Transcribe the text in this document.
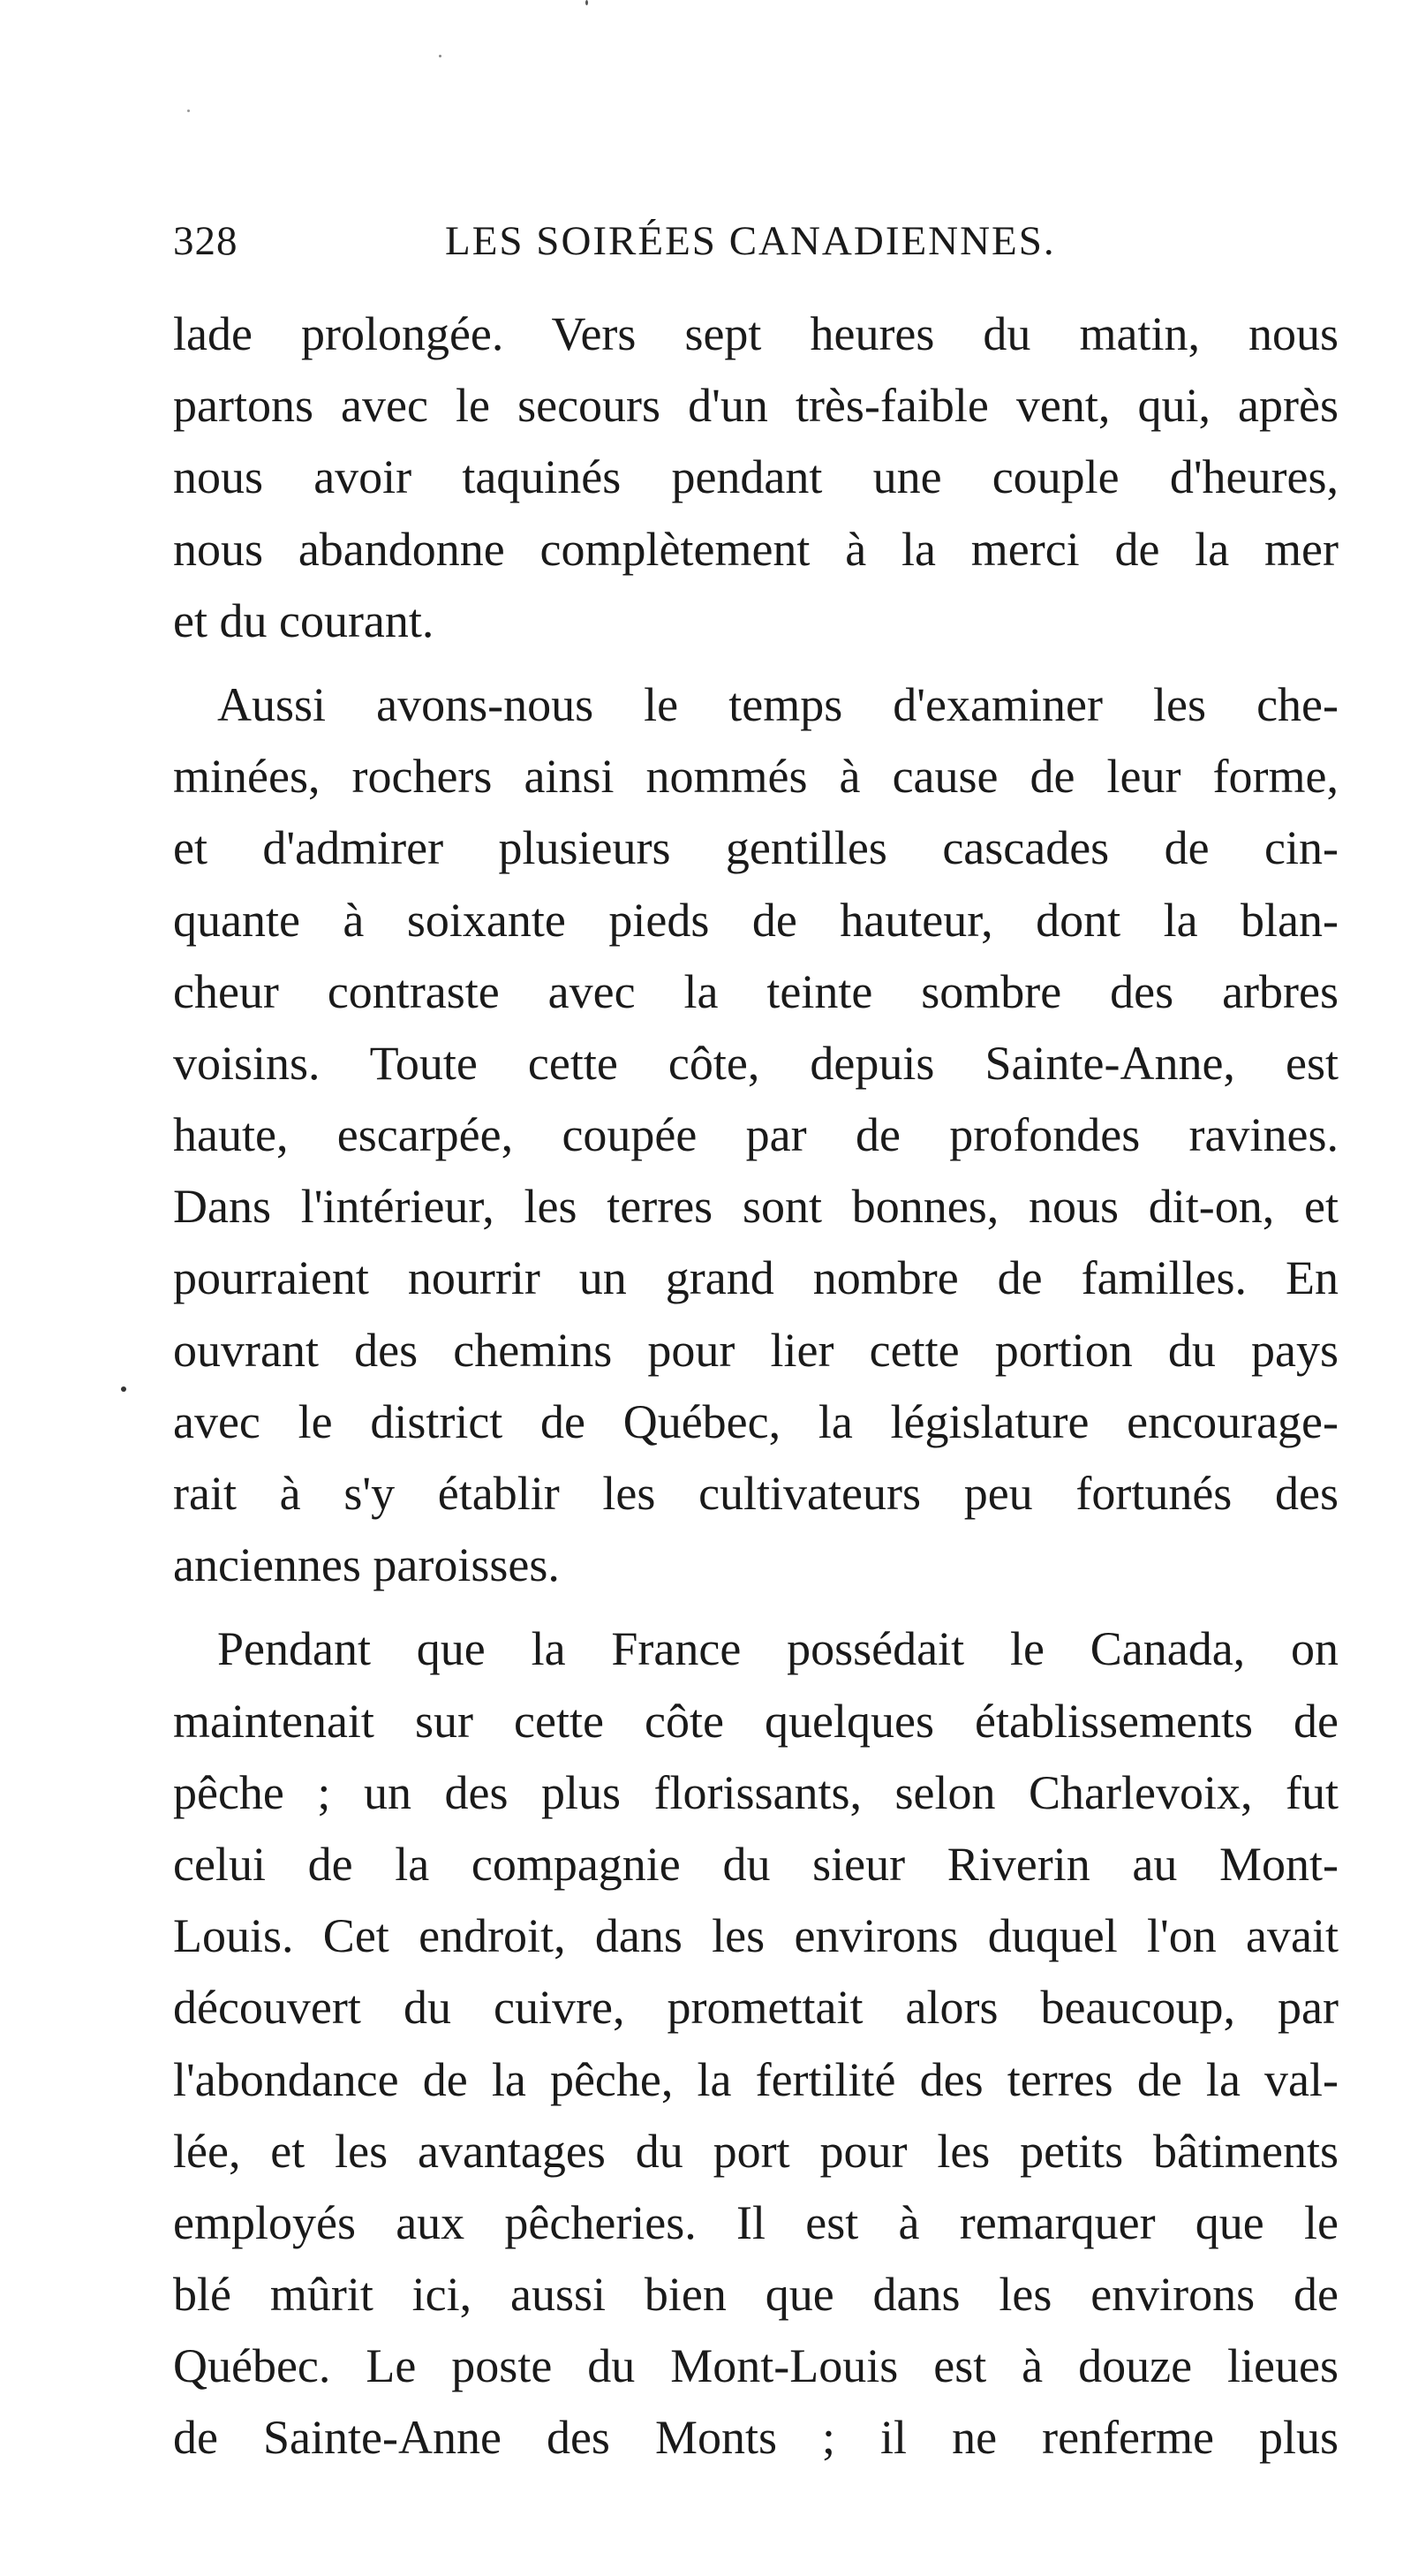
328	LES SOIRÉES CANADIENNES.
lade prolongée. Vers sept heures du matin, nous
partons avec le secours d'un très-faible vent, qui, après
nous avoir taquinés pendant une couple d'heures,
nous abandonne complètement à la merci de la mer
et du courant.
Aussi avons-nous le temps d'examiner les che-
minées, rochers ainsi nommés à cause de leur forme,
et d'admirer plusieurs gentilles cascades de cin-
quante à soixante pieds de hauteur, dont la blan-
cheur contraste avec la teinte sombre des arbres
voisins. Toute cette côte, depuis Sainte-Anne, est
haute, escarpée, coupée par de profondes ravines.
Dans l'intérieur, les terres sont bonnes, nous dit-on, et
pourraient nourrir un grand nombre de familles. En
ouvrant des chemins pour lier cette portion du pays
avec le district de Québec, la législature encourage-
rait à s'y établir les cultivateurs peu fortunés des
anciennes paroisses.
Pendant que la France possédait le Canada, on
maintenait sur cette côte quelques établissements de
pêche ; un des plus florissants, selon Charlevoix, fut
celui de la compagnie du sieur Riverin au Mont-
Louis. Cet endroit, dans les environs duquel l'on avait
découvert du cuivre, promettait alors beaucoup, par
l'abondance de la pêche, la fertilité des terres de la val-
lée, et les avantages du port pour les petits bâtiments
employés aux pêcheries. Il est à remarquer que le
blé mûrit ici, aussi bien que dans les environs de
Québec. Le poste du Mont-Louis est à douze lieues
de Sainte-Anne des Monts ; il ne renferme plus
